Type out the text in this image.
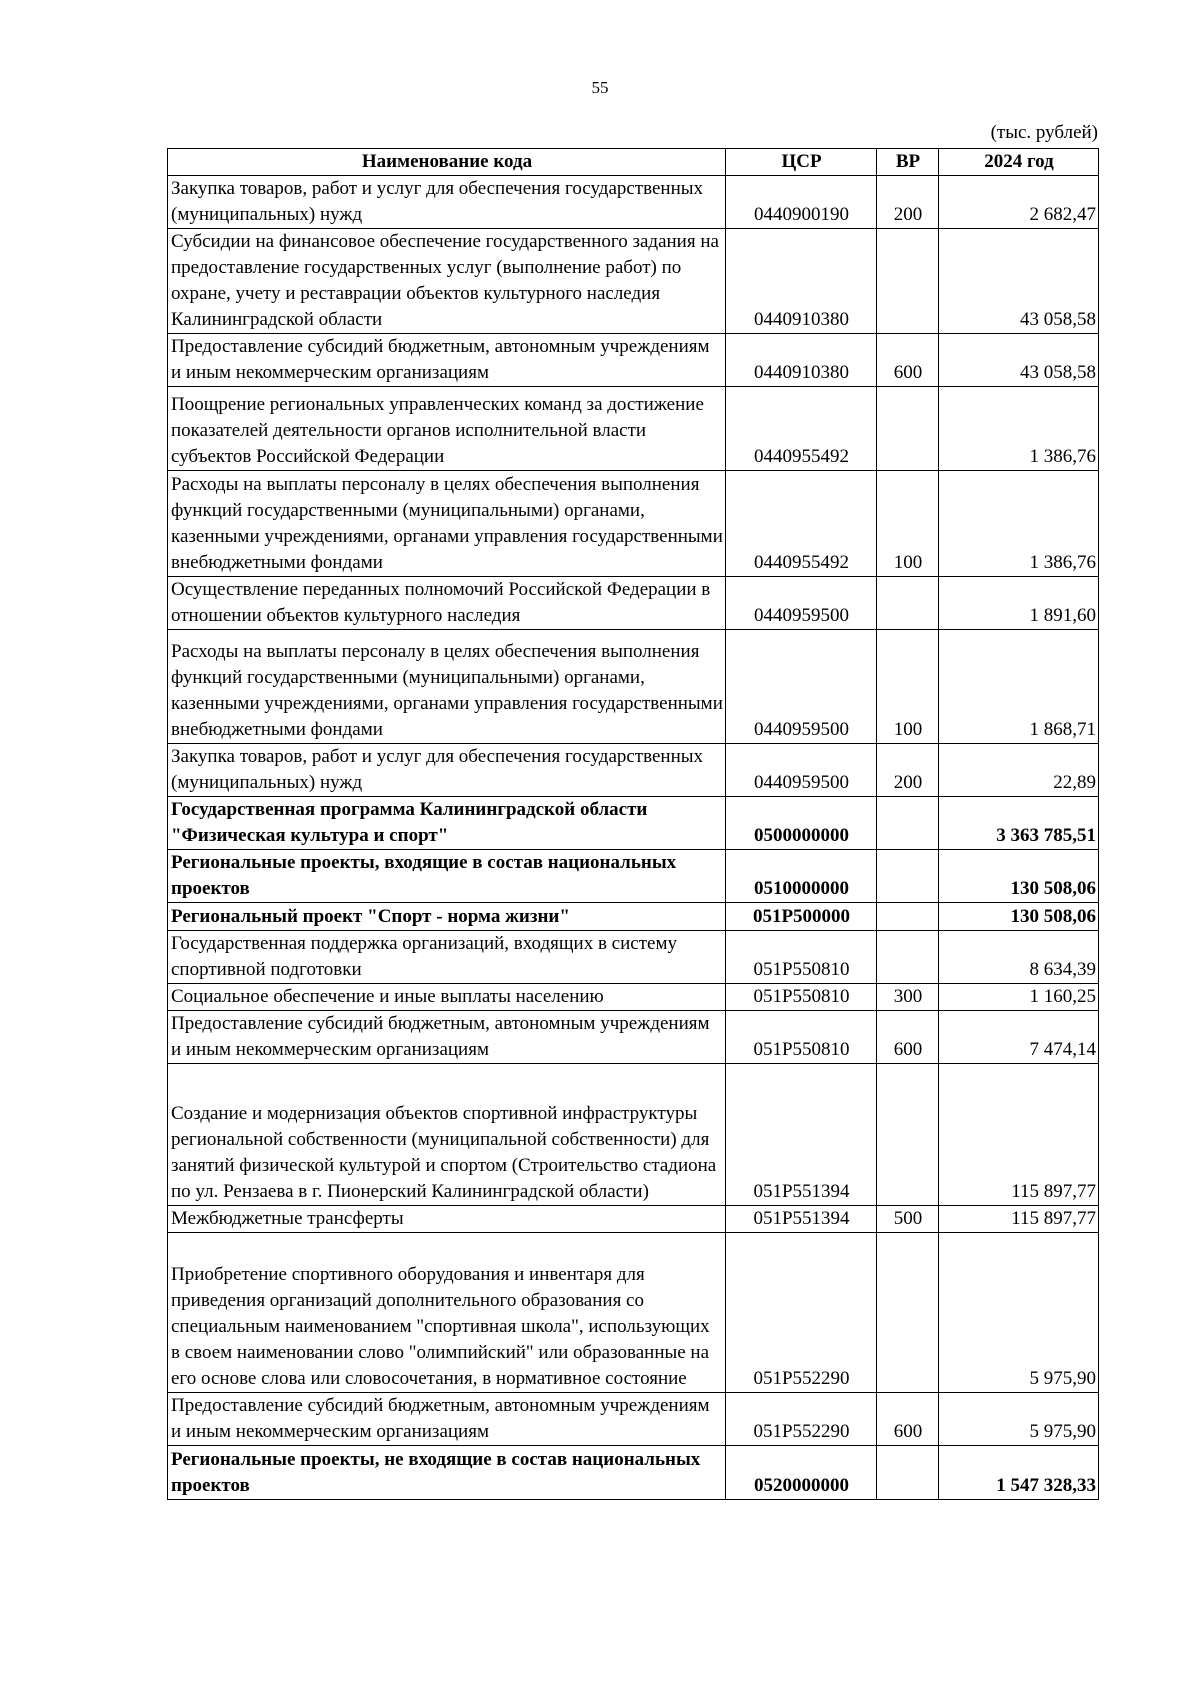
55
(тыс. рублей)
Наименование кода	ЦСР	ВР	2024 год
Закупка товаров, работ и услуг для обеспечения государственных (муниципальных) нужд	0440900190	200	2 682,47
Субсидии на финансовое обеспечение государственного задания на предоставление государственных услуг (выполнение работ) по охране, учету и реставрации объектов культурного наследия Калининградской области	0440910380		43 058,58
Предоставление субсидий бюджетным, автономным учреждениям и иным некоммерческим организациям	0440910380	600	43 058,58
Поощрение региональных управленческих команд за достижение показателей деятельности органов исполнительной власти субъектов Российской Федерации	0440955492		1 386,76
Расходы на выплаты персоналу в целях обеспечения выполнения функций государственными (муниципальными) органами, казенными учреждениями, органами управления государственными внебюджетными фондами	0440955492	100	1 386,76
Осуществление переданных полномочий Российской Федерации в отношении объектов культурного наследия	0440959500		1 891,60
Расходы на выплаты персоналу в целях обеспечения выполнения функций государственными (муниципальными) органами, казенными учреждениями, органами управления государственными внебюджетными фондами	0440959500	100	1 868,71
Закупка товаров, работ и услуг для обеспечения государственных (муниципальных) нужд	0440959500	200	22,89
Государственная программа Калининградской области "Физическая культура и спорт"	0500000000		3 363 785,51
Региональные проекты, входящие в состав национальных проектов	0510000000		130 508,06
Региональный проект "Спорт - норма жизни"	051P500000		130 508,06
Государственная поддержка организаций, входящих в систему спортивной подготовки	051P550810		8 634,39
Социальное обеспечение и иные выплаты населению	051P550810	300	1 160,25
Предоставление субсидий бюджетным, автономным учреждениям и иным некоммерческим организациям	051P550810	600	7 474,14
Создание и модернизация объектов спортивной инфраструктуры региональной собственности (муниципальной собственности) для занятий физической культурой и спортом (Строительство стадиона по ул. Рензаева в г. Пионерский Калининградской области)	051P551394		115 897,77
Межбюджетные трансферты	051P551394	500	115 897,77
Приобретение спортивного оборудования и инвентаря для приведения организаций дополнительного образования со специальным наименованием "спортивная школа", использующих в своем наименовании слово "олимпийский" или образованные на его основе слова или словосочетания, в нормативное состояние	051P552290		5 975,90
Предоставление субсидий бюджетным, автономным учреждениям и иным некоммерческим организациям	051P552290	600	5 975,90
Региональные проекты, не входящие в состав национальных проектов	0520000000		1 547 328,33
